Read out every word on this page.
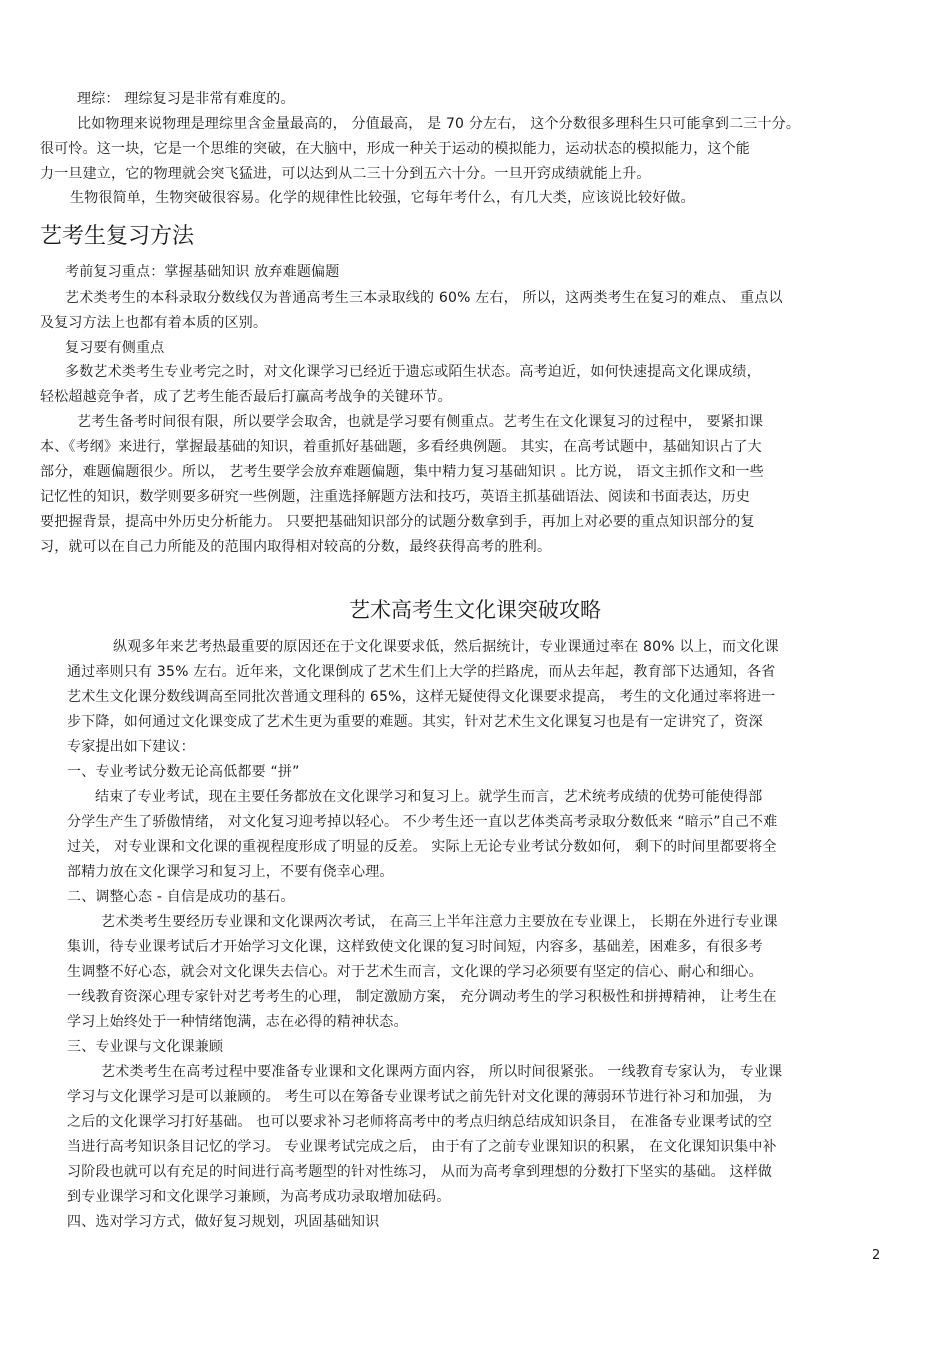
理综： 理综复习是非常有难度的。
比如物理来说物理是理综里含金量最高的， 分值最高， 是 70 分左右， 这个分数很多理科生只可能拿到二三十分。
很可怜。这一块，它是一个思维的突破，在大脑中，形成一种关于运动的模拟能力，运动状态的模拟能力，这个能
力一旦建立，它的物理就会突飞猛进，可以达到从二三十分到五六十分。一旦开窍成绩就能上升。
生物很简单，生物突破很容易。化学的规律性比较强，它每年考什么，有几大类，应该说比较好做。
艺考生复习方法
考前复习重点：掌握基础知识 放弃难题偏题
艺术类考生的本科录取分数线仅为普通高考生三本录取线的 60% 左右， 所以，这两类考生在复习的难点、 重点以
及复习方法上也都有着本质的区别。
复习要有侧重点
多数艺术类考生专业考完之时，对文化课学习已经近于遗忘或陌生状态。高考迫近，如何快速提高文化课成绩，
轻松超越竞争者，成了艺考生能否最后打赢高考战争的关键环节。
艺考生备考时间很有限，所以要学会取舍，也就是学习要有侧重点。艺考生在文化课复习的过程中， 要紧扣课
本、《考纲》来进行，掌握最基础的知识，着重抓好基础题，多看经典例题。 其实，在高考试题中，基础知识占了大
部分，难题偏题很少。所以， 艺考生要学会放弃难题偏题，集中精力复习基础知识 。比方说， 语文主抓作文和一些
记忆性的知识，数学则要多研究一些例题，注重选择解题方法和技巧，英语主抓基础语法、阅读和书面表达，历史
要把握背景，提高中外历史分析能力。 只要把基础知识部分的试题分数拿到手，再加上对必要的重点知识部分的复
习，就可以在自己力所能及的范围内取得相对较高的分数，最终获得高考的胜利。
艺术高考生文化课突破攻略
纵观多年来艺考热最重要的原因还在于文化课要求低，然后据统计，专业课通过率在 80% 以上，而文化课
通过率则只有 35% 左右。近年来，文化课倒成了艺术生们上大学的拦路虎，而从去年起，教育部下达通知，各省
艺术生文化课分数线调高至同批次普通文理科的 65%，这样无疑使得文化课要求提高， 考生的文化通过率将进一
步下降，如何通过文化课变成了艺术生更为重要的难题。其实，针对艺术生文化课复习也是有一定讲究了，资深
专家提出如下建议：
一、专业考试分数无论高低都要 “拼”
结束了专业考试，现在主要任务都放在文化课学习和复习上。就学生而言，艺术统考成绩的优势可能使得部
分学生产生了骄傲情绪， 对文化复习迎考掉以轻心。 不少考生还一直以艺体类高考录取分数低来 “暗示”自己不难
过关， 对专业课和文化课的重视程度形成了明显的反差。 实际上无论专业考试分数如何， 剩下的时间里都要将全
部精力放在文化课学习和复习上，不要有侥幸心理。
二、调整心态 - 自信是成功的基石。
艺术类考生要经历专业课和文化课两次考试， 在高三上半年注意力主要放在专业课上， 长期在外进行专业课
集训，待专业课考试后才开始学习文化课，这样致使文化课的复习时间短，内容多，基础差，困难多，有很多考
生调整不好心态，就会对文化课失去信心。对于艺术生而言，文化课的学习必须要有坚定的信心、耐心和细心。
一线教育资深心理专家针对艺考考生的心理， 制定激励方案， 充分调动考生的学习积极性和拼搏精神， 让考生在
学习上始终处于一种情绪饱满，志在必得的精神状态。
三、专业课与文化课兼顾
艺术类考生在高考过程中要准备专业课和文化课两方面内容， 所以时间很紧张。 一线教育专家认为， 专业课
学习与文化课学习是可以兼顾的。 考生可以在筹备专业课考试之前先针对文化课的薄弱环节进行补习和加强， 为
之后的文化课学习打好基础。 也可以要求补习老师将高考中的考点归纳总结成知识条目， 在准备专业课考试的空
当进行高考知识条目记忆的学习。 专业课考试完成之后， 由于有了之前专业课知识的积累， 在文化课知识集中补
习阶段也就可以有充足的时间进行高考题型的针对性练习， 从而为高考拿到理想的分数打下坚实的基础。 这样做
到专业课学习和文化课学习兼顾，为高考成功录取增加砝码。
四、选对学习方式，做好复习规划，巩固基础知识
2
